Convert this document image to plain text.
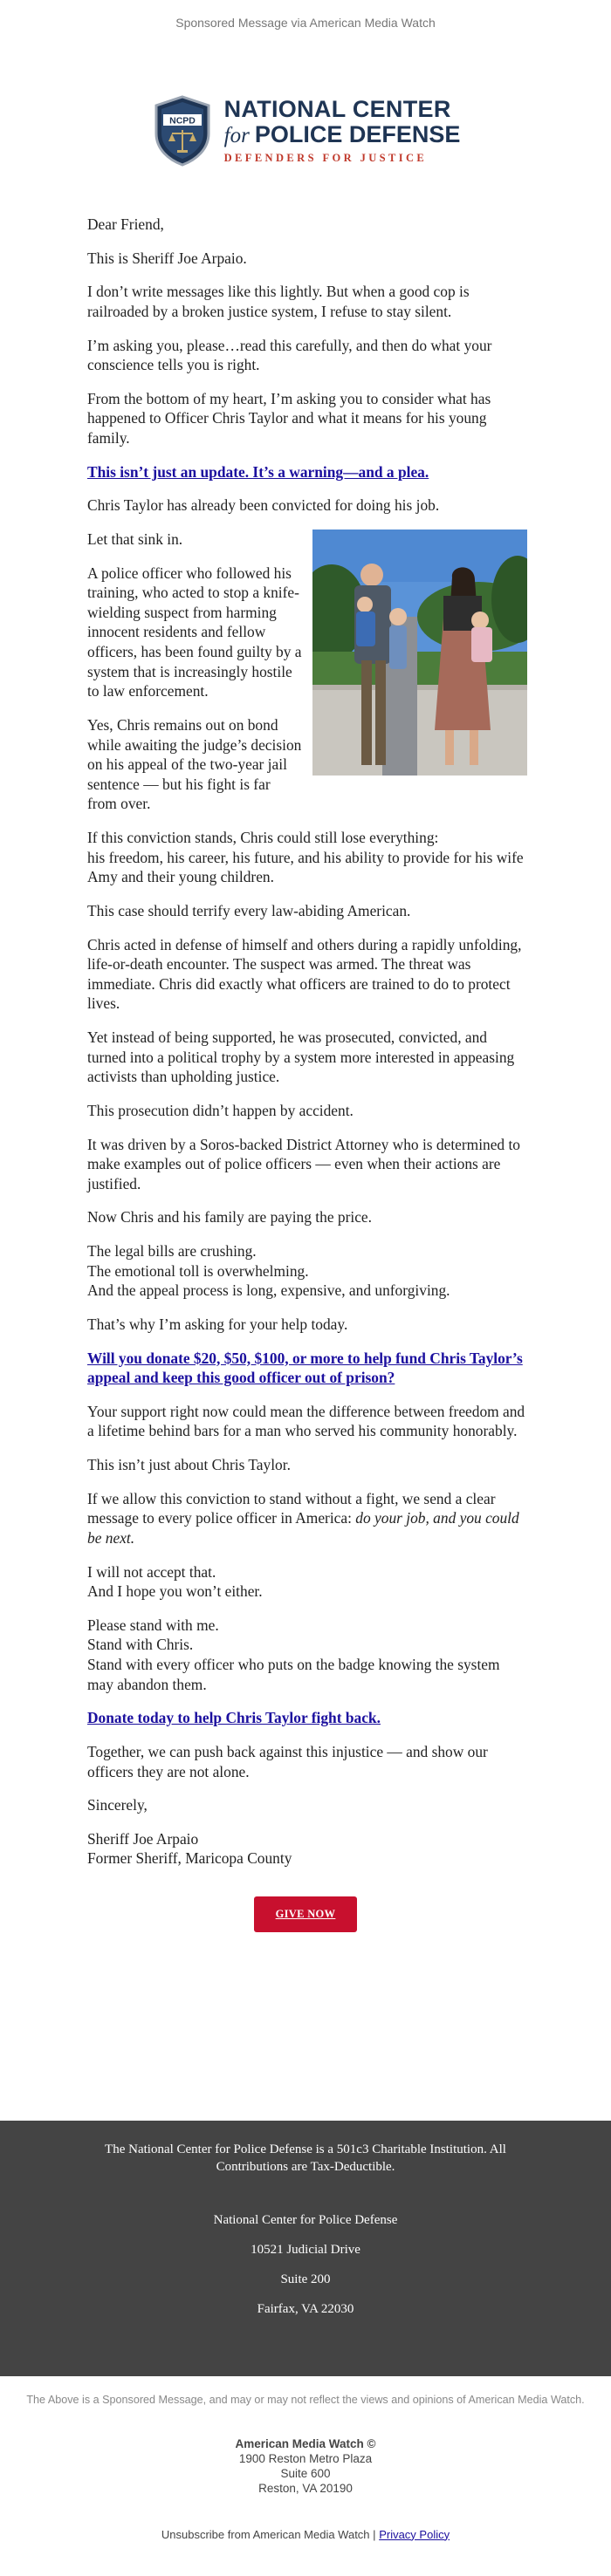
Sponsored Message via American Media Watch
NCPD NATIONAL CENTER
for POLICE DEFENSE
DEFENDERS FOR JUSTICE

Dear Friend,

This is Sheriff Joe Arpaio.

I don’t write messages like this lightly. But when a good cop is railroaded by a broken justice system, I refuse to stay silent.

I’m asking you, please…read this carefully, and then do what your conscience tells you is right.

From the bottom of my heart, I’m asking you to consider what has happened to Officer Chris Taylor and what it means for his young family.

This isn’t just an update. It’s a warning—and a plea.

Chris Taylor has already been convicted for doing his job.

Let that sink in.

A police officer who followed his training, who acted to stop a knife-wielding suspect from harming innocent residents and fellow officers, has been found guilty by a system that is increasingly hostile to law enforcement.

Yes, Chris remains out on bond while awaiting the judge’s decision on his appeal of the two-year jail sentence — but his fight is far from over.

If this conviction stands, Chris could still lose everything:
his freedom, his career, his future, and his ability to provide for his wife Amy and their young children.

This case should terrify every law-abiding American.

Chris acted in defense of himself and others during a rapidly unfolding, life-or-death encounter. The suspect was armed. The threat was immediate. Chris did exactly what officers are trained to do to protect lives.

Yet instead of being supported, he was prosecuted, convicted, and turned into a political trophy by a system more interested in appeasing activists than upholding justice.

This prosecution didn’t happen by accident.

It was driven by a Soros-backed District Attorney who is determined to make examples out of police officers — even when their actions are justified.

Now Chris and his family are paying the price.

The legal bills are crushing.
The emotional toll is overwhelming.
And the appeal process is long, expensive, and unforgiving.

That’s why I’m asking for your help today.

Will you donate $20, $50, $100, or more to help fund Chris Taylor’s appeal and keep this good officer out of prison?

Your support right now could mean the difference between freedom and a lifetime behind bars for a man who served his community honorably.

This isn’t just about Chris Taylor.

If we allow this conviction to stand without a fight, we send a clear message to every police officer in America: do your job, and you could be next.

I will not accept that.
And I hope you won’t either.

Please stand with me.
Stand with Chris.
Stand with every officer who puts on the badge knowing the system may abandon them.

Donate today to help Chris Taylor fight back.

Together, we can push back against this injustice — and show our officers they are not alone.

Sincerely,

Sheriff Joe Arpaio
Former Sheriff, Maricopa County

GIVE NOW
The National Center for Police Defense is a 501c3 Charitable Institution. All Contributions are Tax-Deductible.
National Center for Police Defense
10521 Judicial Drive
Suite 200
Fairfax, VA 22030
The Above is a Sponsored Message, and may or may not reflect the views and opinions of American Media Watch.
American Media Watch ©
1900 Reston Metro Plaza
Suite 600
Reston, VA 20190
Unsubscribe from American Media Watch | Privacy Policy
